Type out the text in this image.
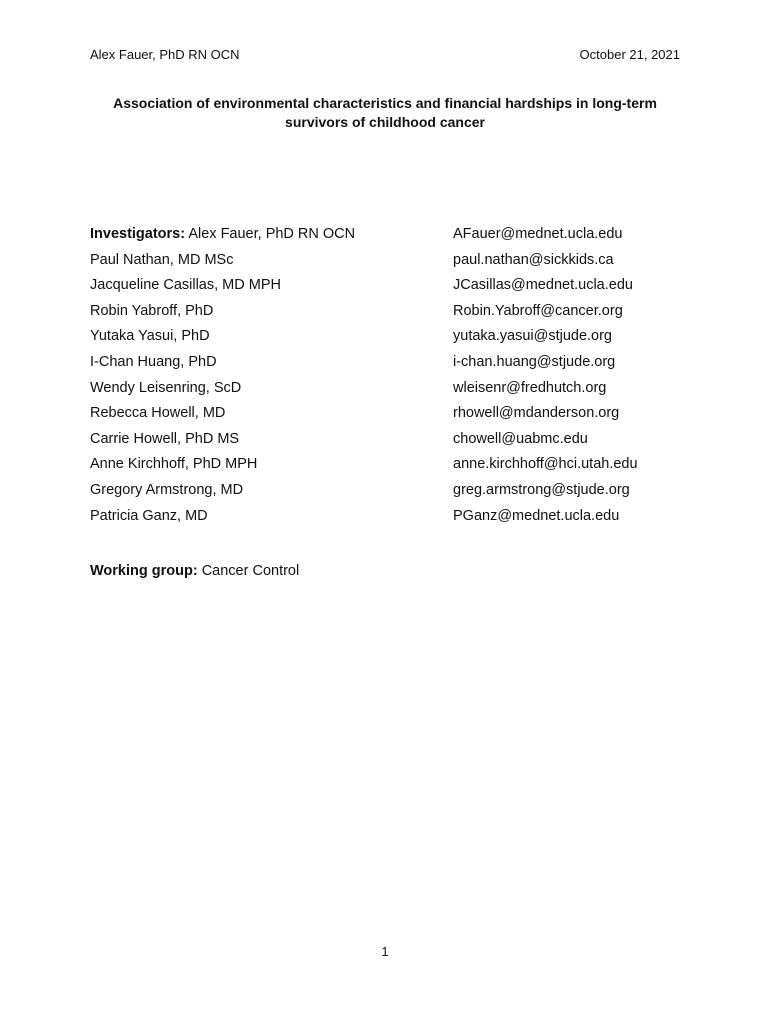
Alex Fauer, PhD RN OCN	October 21, 2021
Association of environmental characteristics and financial hardships in long-term
survivors of childhood cancer
Investigators: Alex Fauer, PhD RN OCN	AFauer@mednet.ucla.edu
Paul Nathan, MD MSc	paul.nathan@sickkids.ca
Jacqueline Casillas, MD MPH	JCasillas@mednet.ucla.edu
Robin Yabroff, PhD	Robin.Yabroff@cancer.org
Yutaka Yasui, PhD	yutaka.yasui@stjude.org
I-Chan Huang, PhD	i-chan.huang@stjude.org
Wendy Leisenring, ScD	wleisenr@fredhutch.org
Rebecca Howell, MD	rhowell@mdanderson.org
Carrie Howell, PhD MS	chowell@uabmc.edu
Anne Kirchhoff, PhD MPH	anne.kirchhoff@hci.utah.edu
Gregory Armstrong, MD	greg.armstrong@stjude.org
Patricia Ganz, MD	PGanz@mednet.ucla.edu
Working group: Cancer Control
1
